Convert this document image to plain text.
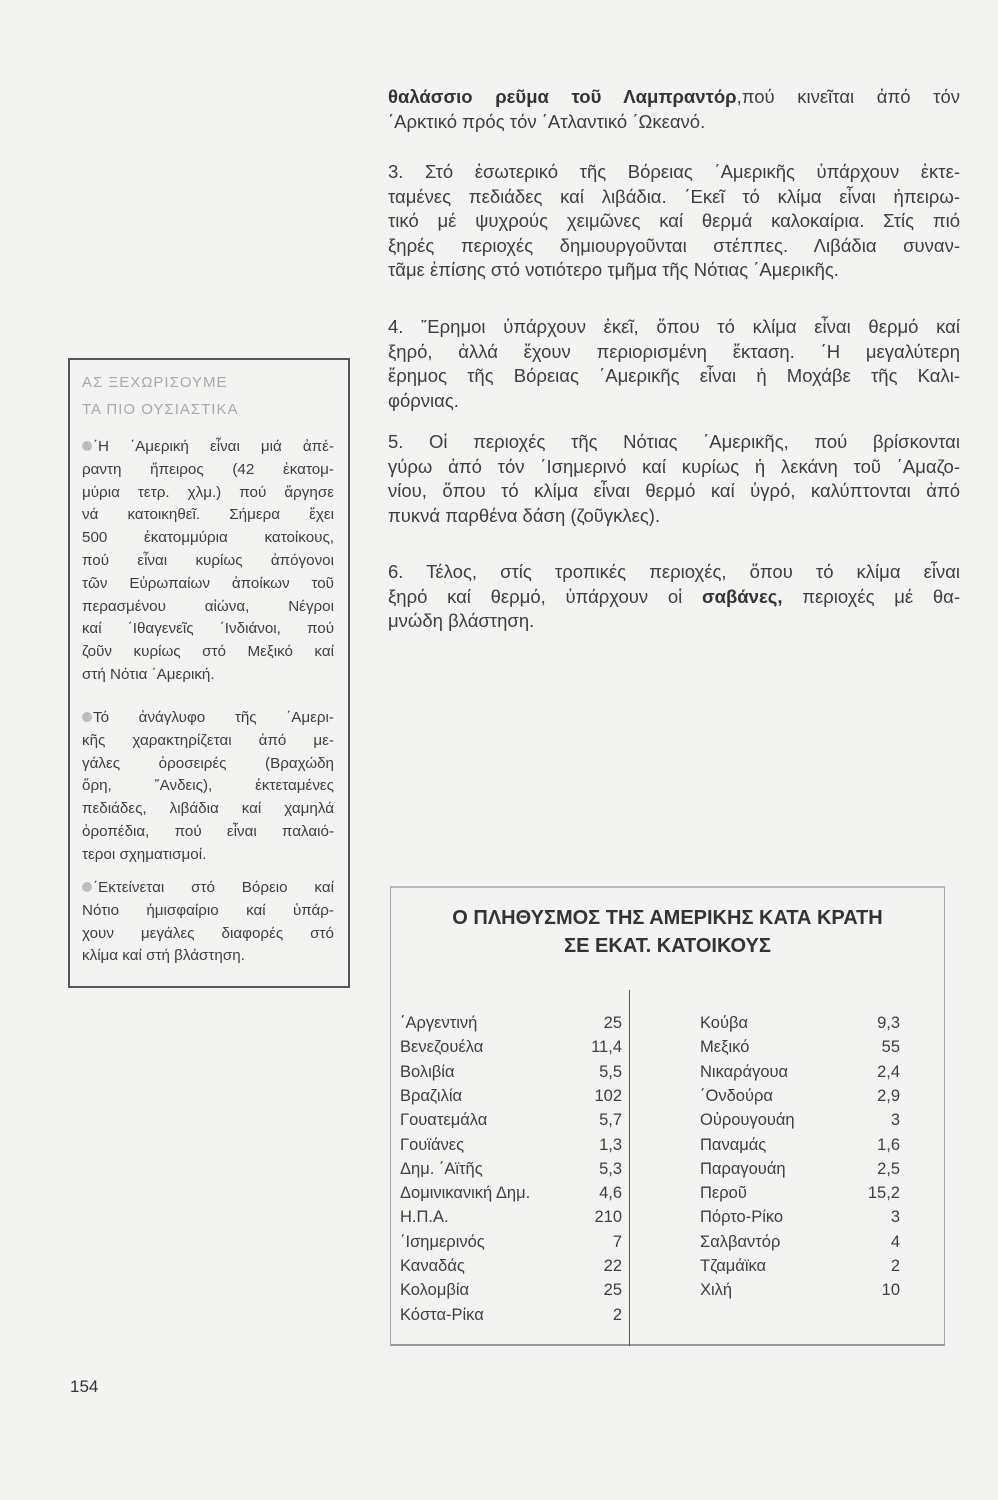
θαλάσσιο ρεῦμα τοῦ Λαμπραντόρ,πού κινεῖται ἀπό τόν
΄Αρκτικό πρός τόν ΄Ατλαντικό ΄Ωκεανό.
3. Στό ἐσωτερικό τῆς Βόρειας ΄Αμερικῆς ὑπάρχουν ἐκτε-
ταμένες πεδιάδες καί λιβάδια. ΄Εκεῖ τό κλίμα εἶναι ἠπειρω-
τικό μέ ψυχρούς χειμῶνες καί θερμά καλοκαίρια. Στίς πιό
ξηρές περιοχές δημιουργοῦνται στέππες. Λιβάδια συναν-
τᾶμε ἐπίσης στό νοτιότερο τμῆμα τῆς Νότιας ΄Αμερικῆς.
4. ῎Ερημοι ὑπάρχουν ἐκεῖ, ὅπου τό κλίμα εἶναι θερμό καί
ξηρό, ἀλλά ἔχουν περιορισμένη ἔκταση. ΄Η μεγαλύτερη
ἔρημος τῆς Βόρειας ΄Αμερικῆς εἶναι ἡ Μοχάβε τῆς Καλι-
φόρνιας.
5. Οἱ περιοχές τῆς Νότιας ΄Αμερικῆς, πού βρίσκονται
γύρω ἀπό τόν ΄Ισημερινό καί κυρίως ἡ λεκάνη τοῦ ΄Αμαζο-
νίου, ὅπου τό κλίμα εἶναι θερμό καί ὑγρό, καλύπτονται ἀπό
πυκνά παρθένα δάση (ζοῦγκλες).
6. Τέλος, στίς τροπικές περιοχές, ὅπου τό κλίμα εἶναι
ξηρό καί θερμό, ὑπάρχουν οἱ σαβάνες, περιοχές μέ θα-
μνώδη βλάστηση.
ΑΣ ΞΕΧΩΡΙΣΟΥΜΕ
ΤΑ ΠΙΟ ΟΥΣΙΑΣΤΙΚΑ
΄Η ΄Αμερική εἶναι μιά ἀπέ-
ραντη ἤπειρος (42 ἑκατομ-
μύρια τετρ. χλμ.) πού ἄργησε
νά κατοικηθεῖ. Σήμερα ἔχει
500 ἑκατομμύρια κατοίκους,
πού εἶναι κυρίως ἀπόγονοι
τῶν Εὐρωπαίων ἀποίκων τοῦ
περασμένου αἰώνα, Νέγροι
καί ΄Ιθαγενεῖς ΄Ινδιάνοι, πού
ζοῦν κυρίως στό Μεξικό καί
στή Νότια ΄Αμερική.
Τό ἀνάγλυφο τῆς ΄Αμερι-
κῆς χαρακτηρίζεται ἀπό με-
γάλες ὀροσειρές (Βραχώδη
ὄρη, ῎Ανδεις), ἐκτεταμένες
πεδιάδες, λιβάδια καί χαμηλά
ὀροπέδια, πού εἶναι παλαιό-
τεροι σχηματισμοί.
΄Εκτείνεται στό Βόρειο καί
Νότιο ἡμισφαίριο καί ὑπάρ-
χουν μεγάλες διαφορές στό
κλίμα καί στή βλάστηση.
Ο ΠΛΗΘΥΣΜΟΣ ΤΗΣ ΑΜΕΡΙΚΗΣ ΚΑΤΑ ΚΡΑΤΗ
ΣΕ ΕΚΑΤ. ΚΑΤΟΙΚΟΥΣ
΄Αργεντινή	25
Βενεζουέλα	11,4
Βολιβία	5,5
Βραζιλία	102
Γουατεμάλα	5,7
Γουϊάνες	1,3
Δημ. ΄Αϊτῆς	5,3
Δομινικανική Δημ.	4,6
Η.Π.Α.	210
΄Ισημερινός	7
Καναδάς	22
Κολομβία	25
Κόστα-Ρίκα	2
Κούβα	9,3
Μεξικό	55
Νικαράγουα	2,4
΄Ονδούρα	2,9
Οὐρουγουάη	3
Παναμάς	1,6
Παραγουάη	2,5
Περοῦ	15,2
Πόρτο-Ρίκο	3
Σαλβαντόρ	4
Τζαμάϊκα	2
Χιλή	10
154
